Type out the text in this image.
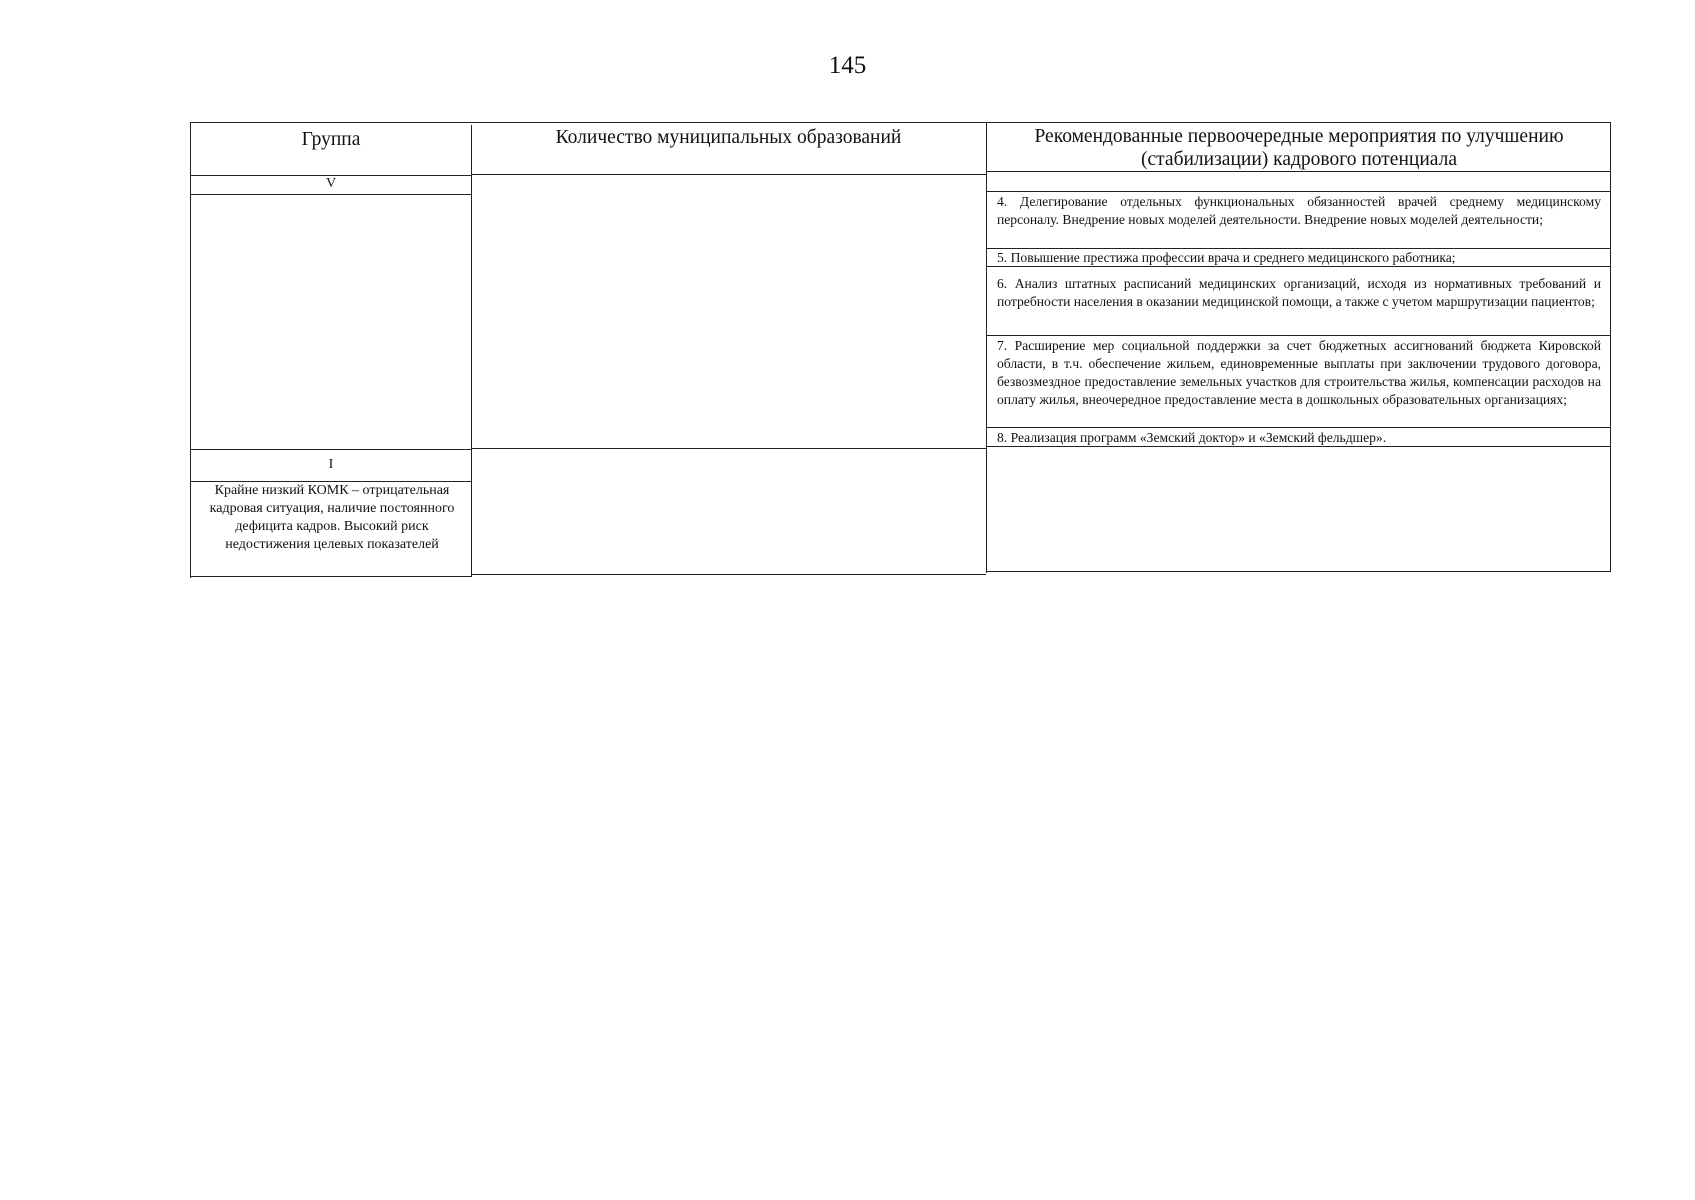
145
Группа	Количество муниципальных образований	Рекомендованные первоочередные мероприятия по улучшению (стабилизации) кадрового потенциала
V
4. Делегирование отдельных функциональных обязанностей врачей среднему медицинскому персоналу. Внедрение новых моделей деятельности. Внедрение новых моделей деятельности;
5. Повышение престижа профессии врача и среднего медицинского работника;
6. Анализ штатных расписаний медицинских организаций, исходя из нормативных требований и потребности населения в оказании медицинской помощи, а также с учетом маршрутизации пациентов;
7. Расширение мер социальной поддержки за счет бюджетных ассигнований бюджета Кировской области, в т.ч. обеспечение жильем, единовременные выплаты при заключении трудового договора, безвозмездное предоставление земельных участков для строительства жилья, компенсации расходов на оплату жилья, внеочередное предоставление места в дошкольных образовательных организациях;
8. Реализация программ «Земский доктор» и «Земский фельдшер».
I
Крайне низкий КОМК – отрицательная кадровая ситуация, наличие постоянного дефицита кадров. Высокий риск недостижения целевых показателей
